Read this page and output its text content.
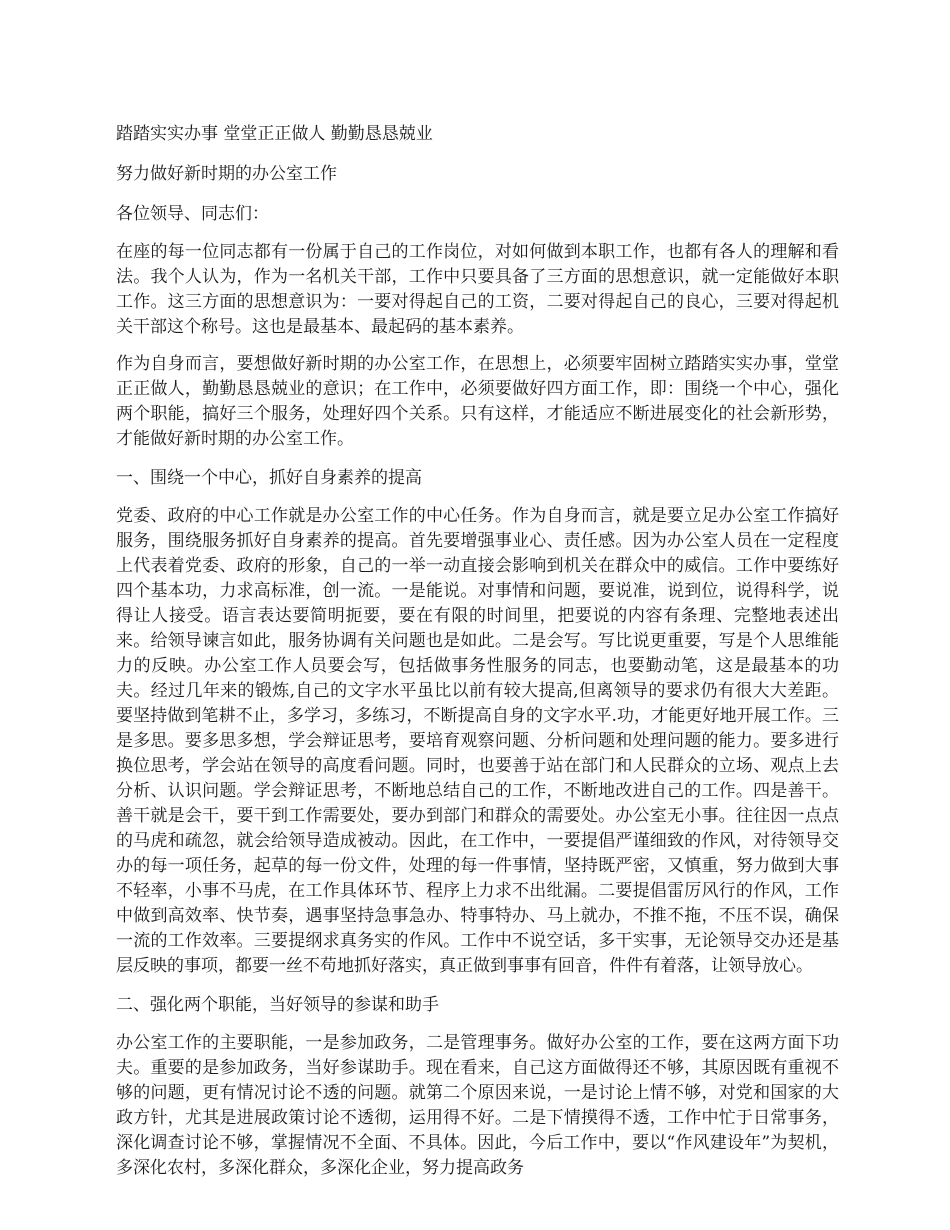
踏踏实实办事 堂堂正正做人 勤勤恳恳兢业
努力做好新时期的办公室工作
各位领导、同志们：
在座的每一位同志都有一份属于自己的工作岗位，对如何做到本职工作，也都有各人的理解和看法。我个人认为，作为一名机关干部，工作中只要具备了三方面的思想意识，就一定能做好本职工作。这三方面的思想意识为：一要对得起自己的工资，二要对得起自己的良心，三要对得起机关干部这个称号。这也是最基本、最起码的基本素养。
作为自身而言，要想做好新时期的办公室工作，在思想上，必须要牢固树立踏踏实实办事，堂堂正正做人，勤勤恳恳兢业的意识；在工作中，必须要做好四方面工作，即：围绕一个中心，强化两个职能，搞好三个服务，处理好四个关系。只有这样，才能适应不断进展变化的社会新形势，才能做好新时期的办公室工作。
一、围绕一个中心，抓好自身素养的提高
党委、政府的中心工作就是办公室工作的中心任务。作为自身而言，就是要立足办公室工作搞好服务，围绕服务抓好自身素养的提高。首先要增强事业心、责任感。因为办公室人员在一定程度上代表着党委、政府的形象，自己的一举一动直接会影响到机关在群众中的威信。工作中要练好四个基本功，力求高标准，创一流。一是能说。对事情和问题，要说准，说到位，说得科学，说得让人接受。语言表达要简明扼要，要在有限的时间里，把要说的内容有条理、完整地表述出来。给领导谏言如此，服务协调有关问题也是如此。二是会写。写比说更重要，写是个人思维能力的反映。办公室工作人员要会写，包括做事务性服务的同志，也要勤动笔，这是最基本的功夫。经过几年来的锻炼,自己的文字水平虽比以前有较大提高,但离领导的要求仍有很大大差距。要坚持做到笔耕不止，多学习，多练习，不断提高自身的文字水平.功，才能更好地开展工作。三是多思。要多思多想，学会辩证思考，要培育观察问题、分析问题和处理问题的能力。要多进行换位思考，学会站在领导的高度看问题。同时，也要善于站在部门和人民群众的立场、观点上去分析、认识问题。学会辩证思考，不断地总结自己的工作，不断地改进自己的工作。四是善干。善干就是会干，要干到工作需要处，要办到部门和群众的需要处。办公室无小事。往往因一点点的马虎和疏忽，就会给领导造成被动。因此，在工作中，一要提倡严谨细致的作风，对待领导交办的每一项任务，起草的每一份文件，处理的每一件事情，坚持既严密，又慎重，努力做到大事不轻率，小事不马虎，在工作具体环节、程序上力求不出纰漏。二要提倡雷厉风行的作风，工作中做到高效率、快节奏，遇事坚持急事急办、特事特办、马上就办，不推不拖，不压不误，确保一流的工作效率。三要提纲求真务实的作风。工作中不说空话，多干实事，无论领导交办还是基层反映的事项，都要一丝不苟地抓好落实，真正做到事事有回音，件件有着落，让领导放心。
二、强化两个职能，当好领导的参谋和助手
办公室工作的主要职能，一是参加政务，二是管理事务。做好办公室的工作，要在这两方面下功夫。重要的是参加政务，当好参谋助手。现在看来，自己这方面做得还不够，其原因既有重视不够的问题，更有情况讨论不透的问题。就第二个原因来说，一是讨论上情不够，对党和国家的大政方针，尤其是进展政策讨论不透彻，运用得不好。二是下情摸得不透，工作中忙于日常事务，深化调查讨论不够，掌握情况不全面、不具体。因此，今后工作中，要以“作风建设年”为契机，多深化农村，多深化群众，多深化企业，努力提高政务
